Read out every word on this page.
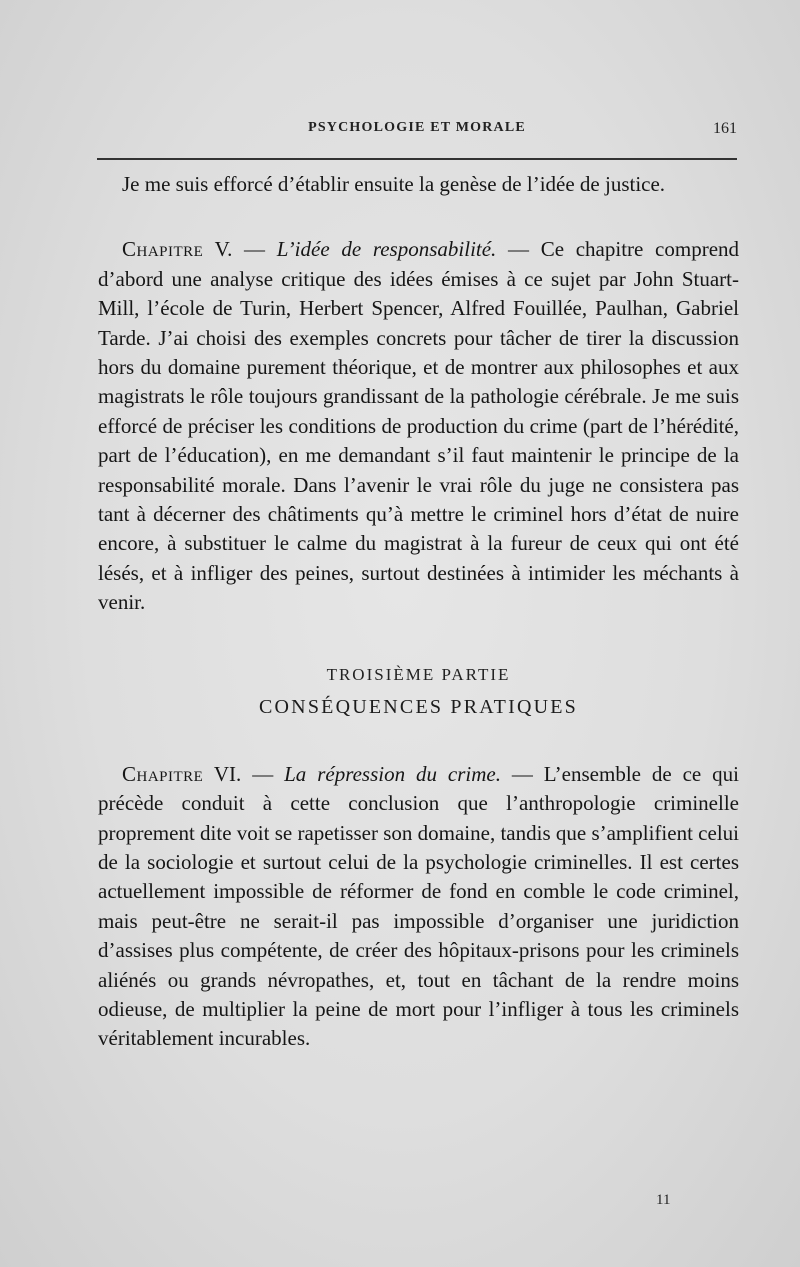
PSYCHOLOGIE ET MORALE	161

Je me suis efforcé d’établir ensuite la genèse de l’idée de justice.

Chapitre V. — L’idée de responsabilité. — Ce chapitre comprend d’abord une analyse critique des idées émises à ce sujet par John Stuart-Mill, l’école de Turin, Herbert Spencer, Alfred Fouillée, Paulhan, Gabriel Tarde. J’ai choisi des exemples concrets pour tâcher de tirer la discussion hors du domaine purement théorique, et de montrer aux philosophes et aux magistrats le rôle toujours grandissant de la pathologie cérébrale. Je me suis efforcé de préciser les conditions de production du crime (part de l’hérédité, part de l’éducation), en me demandant s’il faut maintenir le principe de la responsabilité morale. Dans l’avenir le vrai rôle du juge ne consistera pas tant à décerner des châtiments qu’à mettre le criminel hors d’état de nuire encore, à substituer le calme du magistrat à la fureur de ceux qui ont été lésés, et à infliger des peines, surtout destinées à intimider les méchants à venir.

TROISIÈME PARTIE
CONSÉQUENCES PRATIQUES

Chapitre VI. — La répression du crime. — L’ensemble de ce qui précède conduit à cette conclusion que l’anthropologie criminelle proprement dite voit se rapetisser son domaine, tandis que s’amplifient celui de la sociologie et surtout celui de la psychologie criminelles. Il est certes actuellement impossible de réformer de fond en comble le code criminel, mais peut-être ne serait-il pas impossible d’organiser une juridiction d’assises plus compétente, de créer des hôpitaux-prisons pour les criminels aliénés ou grands névropathes, et, tout en tâchant de la rendre moins odieuse, de multiplier la peine de mort pour l’infliger à tous les criminels véritablement incurables.

11
